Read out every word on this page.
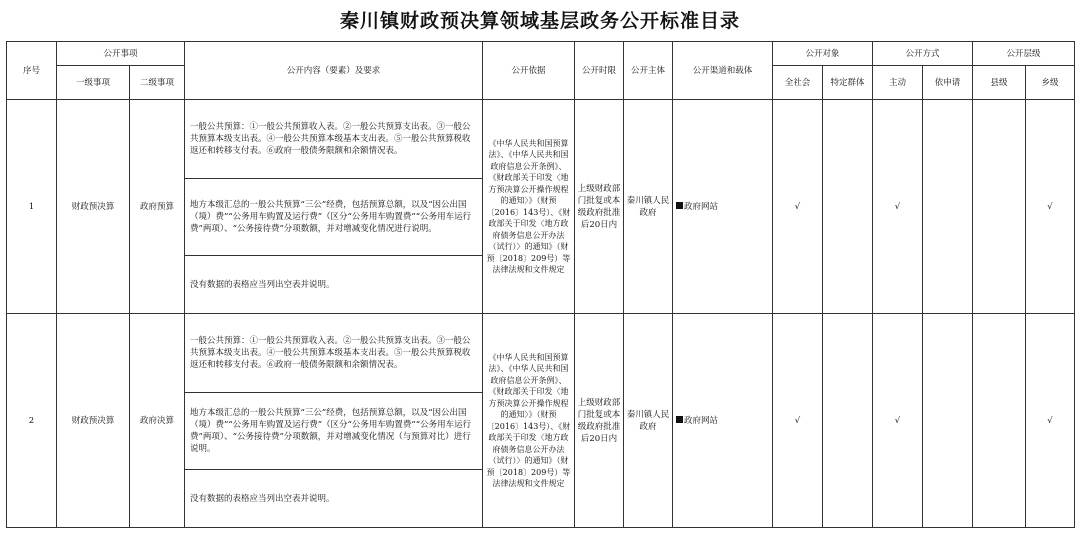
秦川镇财政预决算领域基层政务公开标准目录
序号	公开事项		公开内容（要素）及要求	公开依据	公开时限	公开主体	公开渠道和载体	公开对象		公开方式		公开层级	
	一级事项	二级事项						全社会	特定群体	主动	依申请	县级	乡级
1	财政预决算	政府预算	一般公共预算：①一般公共预算收入表。②一般公共预算支出表。③一般公共预算本级支出表。④一般公共预算本级基本支出表。⑤一般公共预算税收返还和转移支付表。⑥政府一般债务限额和余额情况表。	《中华人民共和国预算法》、《中华人民共和国政府信息公开条例》、《财政部关于印发〈地方预决算公开操作规程的通知〉》（财预〔2016〕143号）、《财政部关于印发〈地方政府债务信息公开办法（试行）〉的通知》（财预〔2018〕209号）等法律法规和文件规定	上级财政部门批复或本级政府批准后20日内	秦川镇人民政府	政府网站	√		√			√
			地方本级汇总的一般公共预算“三公”经费，包括预算总额，以及“因公出国（境）费”“公务用车购置及运行费”（区分“公务用车购置费”“公务用车运行费”两项）、“公务接待费”分项数额，并对增减变化情况进行说明。										
			没有数据的表格应当列出空表并说明。										
2	财政预决算	政府决算	一般公共预算：①一般公共预算收入表。②一般公共预算支出表。③一般公共预算本级支出表。④一般公共预算本级基本支出表。⑤一般公共预算税收返还和转移支付表。⑥政府一般债务限额和余额情况表。	《中华人民共和国预算法》、《中华人民共和国政府信息公开条例》、《财政部关于印发〈地方预决算公开操作规程的通知〉》（财预〔2016〕143号）、《财政部关于印发〈地方政府债务信息公开办法（试行）〉的通知》（财预〔2018〕209号）等法律法规和文件规定	上级财政部门批复或本级政府批准后20日内	秦川镇人民政府	政府网站	√		√			√
			地方本级汇总的一般公共预算“三公”经费，包括预算总额，以及“因公出国（境）费”“公务用车购置及运行费”（区分“公务用车购置费”“公务用车运行费”两项）、“公务接待费”分项数额，并对增减变化情况（与预算对比）进行说明。										
			没有数据的表格应当列出空表并说明。										
